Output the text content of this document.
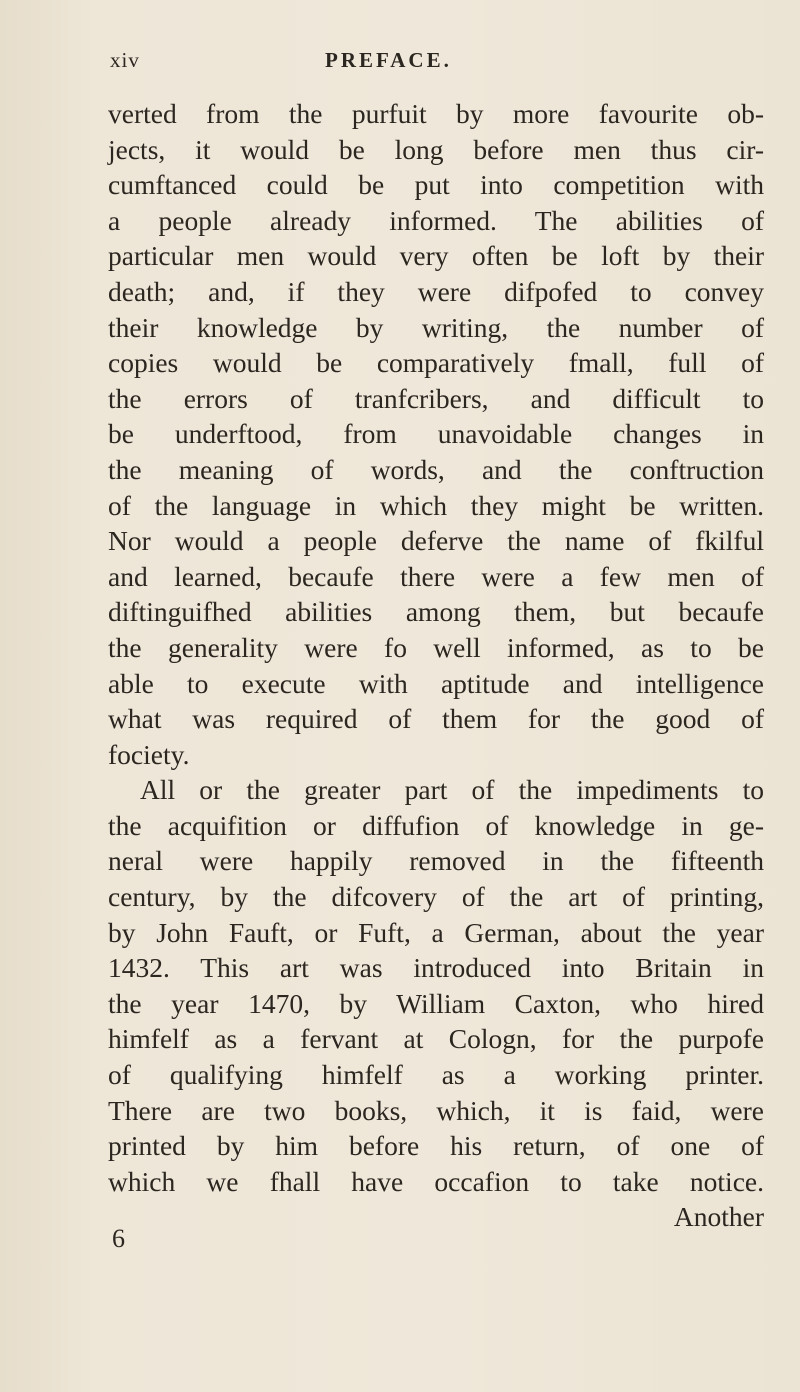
xiv	PREFACE.
verted from the purfuit by more favourite ob-
jects, it would be long before men thus cir-
cumftanced could be put into competition with
a people already informed. The abilities of
particular men would very often be loft by their
death; and, if they were difpofed to convey
their knowledge by writing, the number of
copies would be comparatively fmall, full of
the errors of tranfcribers, and difficult to
be underftood, from unavoidable changes in
the meaning of words, and the conftruction
of the language in which they might be written.
Nor would a people deferve the name of fkilful
and learned, becaufe there were a few men of
diftinguifhed abilities among them, but becaufe
the generality were fo well informed, as to be
able to execute with aptitude and intelligence
what was required of them for the good of
fociety.
All or the greater part of the impediments to
the acquifition or diffufion of knowledge in ge-
neral were happily removed in the fifteenth
century, by the difcovery of the art of printing,
by John Fauft, or Fuft, a German, about the year
1432. This art was introduced into Britain in
the year 1470, by William Caxton, who hired
himfelf as a fervant at Cologn, for the purpofe
of qualifying himfelf as a working printer.
There are two books, which, it is faid, were
printed by him before his return, of one of
which we fhall have occafion to take notice.
Another
6
